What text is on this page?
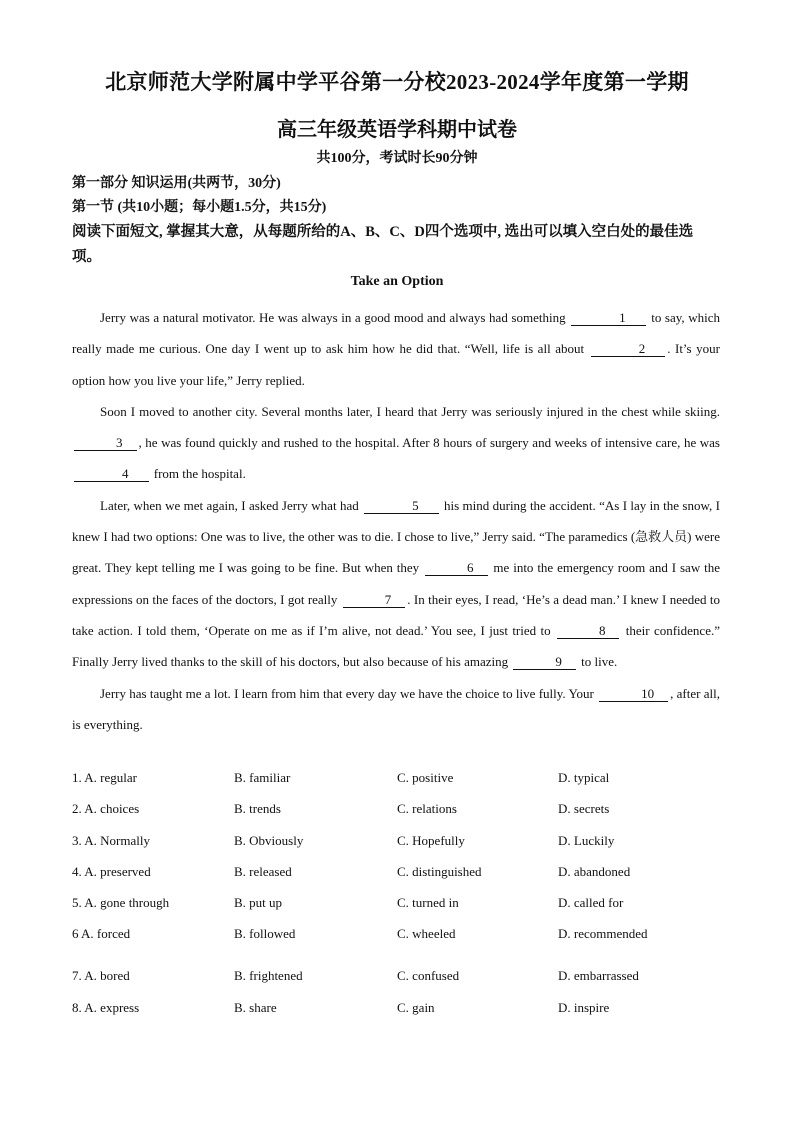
北京师范大学附属中学平谷第一分校2023-2024学年度第一学期
高三年级英语学科期中试卷
共100分，考试时长90分钟
第一部分 知识运用(共两节，30分)
第一节 (共10小题；每小题1.5分，共15分)
阅读下面短文, 掌握其大意，从每题所给的A、B、C、D四个选项中, 选出可以填入空白处的最佳选项。
Take an Option

Jerry was a natural motivator. He was always in a good mood and always had something	1 to say, which really made me curious. One day I went up to ask him how he did that. “Well, life is all about	2 . It’s your option how you live your life,” Jerry replied.

Soon I moved to another city. Several months later, I heard that Jerry was seriously injured in the chest while skiing. 3 , he was found quickly and rushed to the hospital. After 8 hours of surgery and weeks of intensive care, he was 4 from the hospital.

Later, when we met again, I asked Jerry what had	5 his mind during the accident. “As I lay in the snow, I knew I had two options: One was to live, the other was to die. I chose to live,” Jerry said. “The paramedics (急救人员) were great. They kept telling me I was going to be fine. But when they	6 me into the emergency room and I saw the expressions on the faces of the doctors, I got really	7 . In their eyes, I read, ‘He’s a dead man.’ I knew I needed to take action. I told them, ‘Operate on me as if I’m alive, not dead.’ You see, I just tried to	8 their confidence.” Finally Jerry lived thanks to the skill of his doctors, but also because of his amazing	9 to live.

Jerry has taught me a lot. I learn from him that every day we have the choice to live fully. Your	10 , after all, is everything.

1. A. regular	B. familiar	C. positive	D. typical
2. A. choices	B. trends	C. relations	D. secrets
3. A. Normally	B. Obviously	C. Hopefully	D. Luckily
4. A. preserved	B. released	C. distinguished	D. abandoned
5. A. gone through	B. put up	C. turned in	D. called for
6 A. forced	B. followed	C. wheeled	D. recommended
7. A. bored	B. frightened	C. confused	D. embarrassed
8. A. express	B. share	C. gain	D. inspire
